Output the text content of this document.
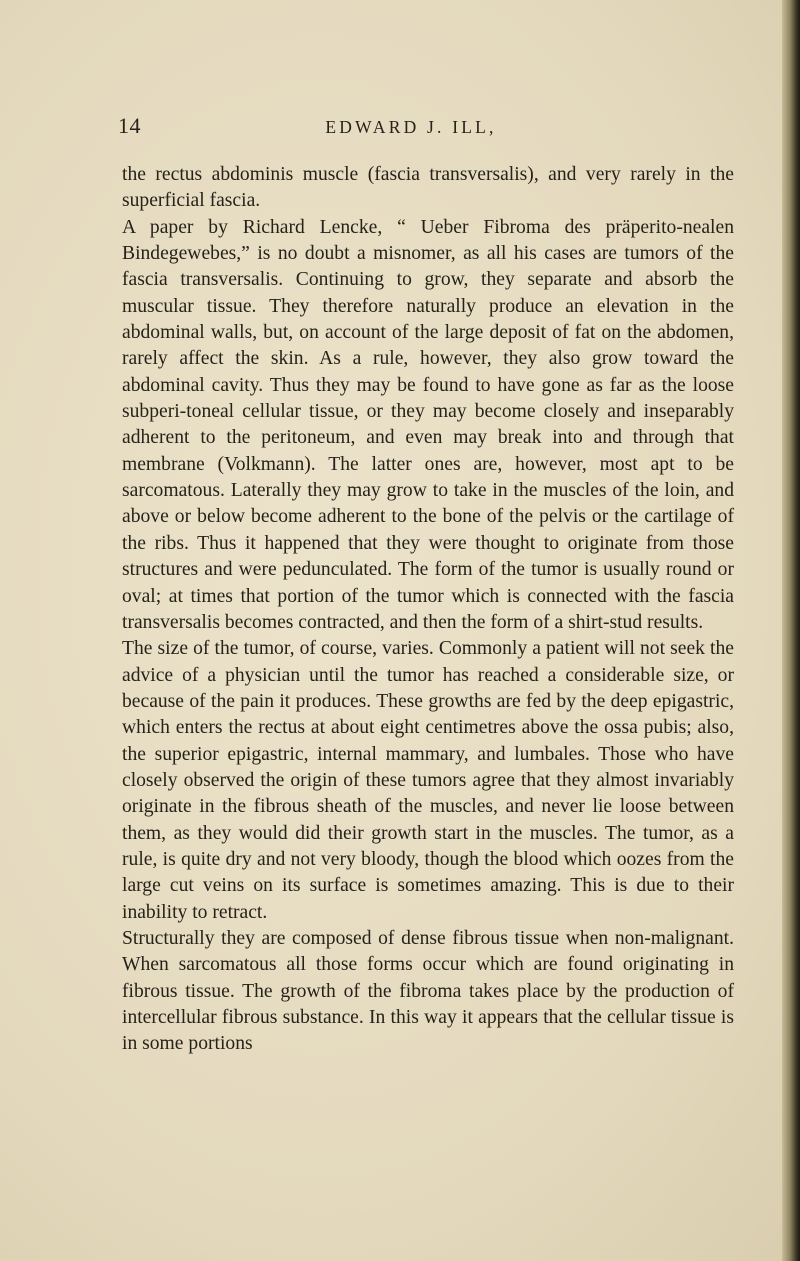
14	EDWARD J. ILL,

the rectus abdominis muscle (fascia transversalis), and very rarely in the superficial fascia.

A paper by Richard Lencke, “ Ueber Fibroma des präperito-nealen Bindegewebes,” is no doubt a misnomer, as all his cases are tumors of the fascia transversalis. Continuing to grow, they separate and absorb the muscular tissue. They therefore naturally produce an elevation in the abdominal walls, but, on account of the large deposit of fat on the abdomen, rarely affect the skin. As a rule, however, they also grow toward the abdominal cavity. Thus they may be found to have gone as far as the loose subperi-toneal cellular tissue, or they may become closely and inseparably adherent to the peritoneum, and even may break into and through that membrane (Volkmann). The latter ones are, however, most apt to be sarcomatous. Laterally they may grow to take in the muscles of the loin, and above or below become adherent to the bone of the pelvis or the cartilage of the ribs. Thus it happened that they were thought to originate from those structures and were pedunculated. The form of the tumor is usually round or oval; at times that portion of the tumor which is connected with the fascia transversalis becomes contracted, and then the form of a shirt-stud results.

The size of the tumor, of course, varies. Commonly a patient will not seek the advice of a physician until the tumor has reached a considerable size, or because of the pain it produces. These growths are fed by the deep epigastric, which enters the rectus at about eight centimetres above the ossa pubis; also, the superior epigastric, internal mammary, and lumbales. Those who have closely observed the origin of these tumors agree that they almost invariably originate in the fibrous sheath of the muscles, and never lie loose between them, as they would did their growth start in the muscles. The tumor, as a rule, is quite dry and not very bloody, though the blood which oozes from the large cut veins on its surface is sometimes amazing. This is due to their inability to retract.

Structurally they are composed of dense fibrous tissue when non-malignant. When sarcomatous all those forms occur which are found originating in fibrous tissue. The growth of the fibroma takes place by the production of intercellular fibrous substance. In this way it appears that the cellular tissue is in some portions
